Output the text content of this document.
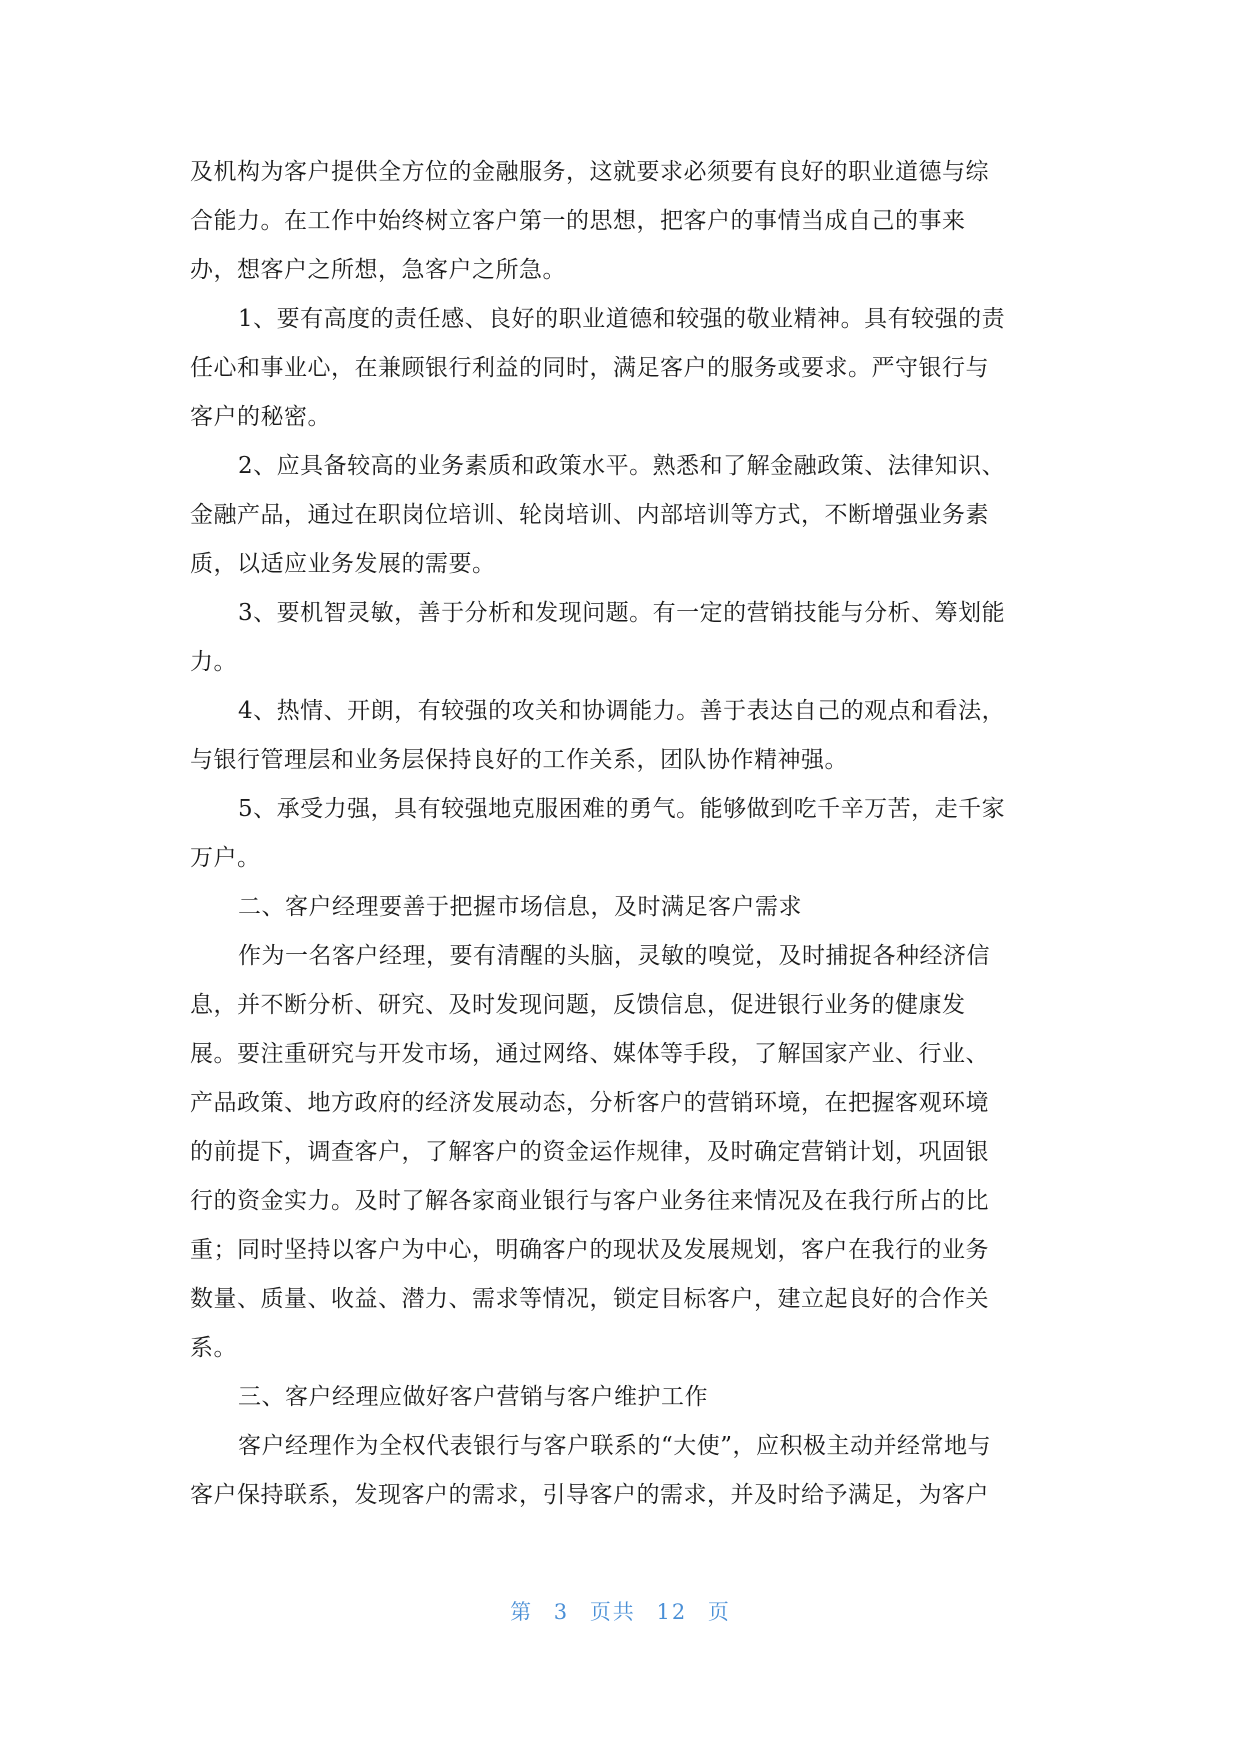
及机构为客户提供全方位的金融服务，这就要求必须要有良好的职业道德与综
合能力。在工作中始终树立客户第一的思想，把客户的事情当成自己的事来
办，想客户之所想，急客户之所急。
1、要有高度的责任感、良好的职业道德和较强的敬业精神。具有较强的责
任心和事业心，在兼顾银行利益的同时，满足客户的服务或要求。严守银行与
客户的秘密。
2、应具备较高的业务素质和政策水平。熟悉和了解金融政策、法律知识、
金融产品，通过在职岗位培训、轮岗培训、内部培训等方式，不断增强业务素
质，以适应业务发展的需要。
3、要机智灵敏，善于分析和发现问题。有一定的营销技能与分析、筹划能
力。
4、热情、开朗，有较强的攻关和协调能力。善于表达自己的观点和看法，
与银行管理层和业务层保持良好的工作关系，团队协作精神强。
5、承受力强，具有较强地克服困难的勇气。能够做到吃千辛万苦，走千家
万户。
二、客户经理要善于把握市场信息，及时满足客户需求
作为一名客户经理，要有清醒的头脑，灵敏的嗅觉，及时捕捉各种经济信
息，并不断分析、研究、及时发现问题，反馈信息，促进银行业务的健康发
展。要注重研究与开发市场，通过网络、媒体等手段，了解国家产业、行业、
产品政策、地方政府的经济发展动态，分析客户的营销环境，在把握客观环境
的前提下，调查客户，了解客户的资金运作规律，及时确定营销计划，巩固银
行的资金实力。及时了解各家商业银行与客户业务往来情况及在我行所占的比
重；同时坚持以客户为中心，明确客户的现状及发展规划，客户在我行的业务
数量、质量、收益、潜力、需求等情况，锁定目标客户，建立起良好的合作关
系。
三、客户经理应做好客户营销与客户维护工作
客户经理作为全权代表银行与客户联系的“大使”，应积极主动并经常地与
客户保持联系，发现客户的需求，引导客户的需求，并及时给予满足，为客户
第 3 页共 12 页
